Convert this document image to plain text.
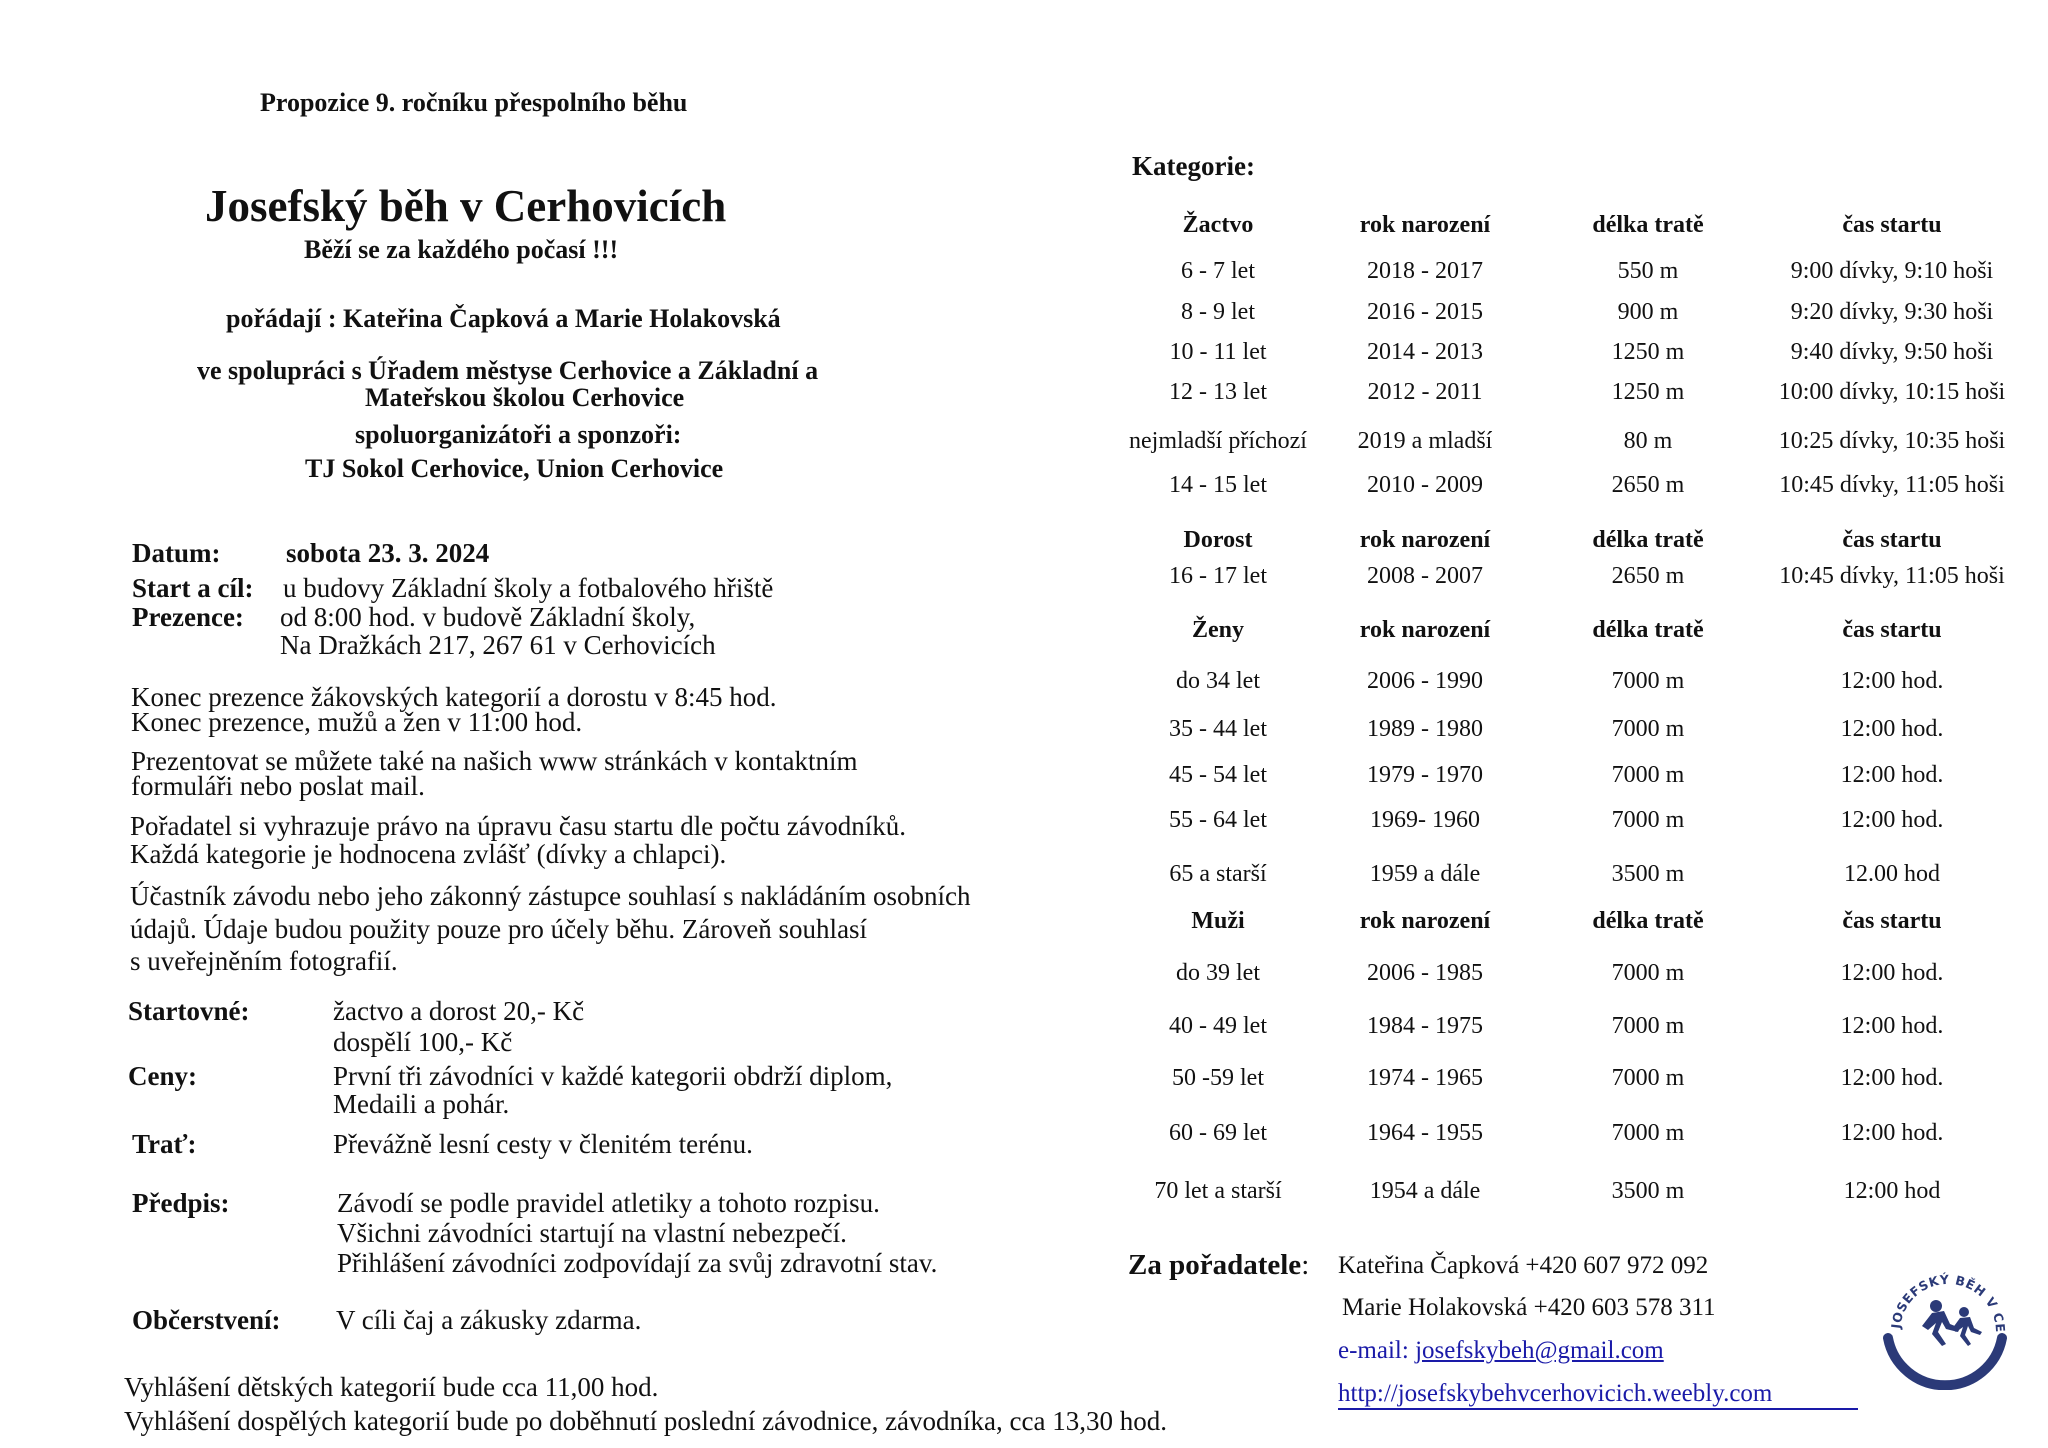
Propozice 9. ročníku přespolního běhu
Josefský běh v Cerhovicích
Běží se za každého počasí !!!
pořádají : Kateřina Čapková a Marie Holakovská
ve spolupráci s Úřadem městyse Cerhovice a Základní a
Mateřskou školou Cerhovice
spoluorganizátoři a sponzoři:
TJ Sokol Cerhovice, Union Cerhovice
Datum: sobota 23. 3. 2024
Start a cíl: u budovy Základní školy a fotbalového hřiště
Prezence: od 8:00 hod. v budově Základní školy,
Na Dražkách 217, 267 61 v Cerhovicích
Konec prezence žákovských kategorií a dorostu v 8:45 hod.
Konec prezence, mužů a žen v 11:00 hod.
Prezentovat se můžete také na našich www stránkách v kontaktním
formuláři nebo poslat mail.
Pořadatel si vyhrazuje právo na úpravu času startu dle počtu závodníků.
Každá kategorie je hodnocena zvlášť (dívky a chlapci).
Účastník závodu nebo jeho zákonný zástupce souhlasí s nakládáním osobních
údajů. Údaje budou použity pouze pro účely běhu. Zároveň souhlasí
s uveřejněním fotografií.
Startovné:	žactvo a dorost 20,- Kč
dospělí 100,- Kč
Ceny:	První tři závodníci v každé kategorii obdrží diplom,
Medaili a pohár.
Trať:	Převážně lesní cesty v členitém terénu.
Předpis:	Závodí se podle pravidel atletiky a tohoto rozpisu.
Všichni závodníci startují na vlastní nebezpečí.
Přihlášení závodníci zodpovídají za svůj zdravotní stav.
Občerstvení: V cíli čaj a zákusky zdarma.
Vyhlášení dětských kategorií bude cca 11,00 hod.
Vyhlášení dospělých kategorií bude po doběhnutí poslední závodnice, závodníka, cca 13,30 hod.
Kategorie:
Žactvo	rok narození	délka tratě	čas startu
6 - 7 let	2018 - 2017	550 m	9:00 dívky, 9:10 hoši
8 - 9 let	2016 - 2015	900 m	9:20 dívky, 9:30 hoši
10 - 11 let	2014 - 2013	1250 m	9:40 dívky, 9:50 hoši
12 - 13 let	2012 - 2011	1250 m	10:00 dívky, 10:15 hoši
nejmladší příchozí	2019 a mladší	80 m	10:25 dívky, 10:35 hoši
14 - 15 let	2010 - 2009	2650 m	10:45 dívky, 11:05 hoši
Dorost	rok narození	délka tratě	čas startu
16 - 17 let	2008 - 2007	2650 m	10:45 dívky, 11:05 hoši
Ženy	rok narození	délka tratě	čas startu
do 34 let	2006 - 1990	7000 m	12:00 hod.
35 - 44 let	1989 - 1980	7000 m	12:00 hod.
45 - 54 let	1979 - 1970	7000 m	12:00 hod.
55 - 64 let	1969- 1960	7000 m	12:00 hod.
65 a starší	1959 a dále	3500 m	12.00 hod
Muži	rok narození	délka tratě	čas startu
do 39 let	2006 - 1985	7000 m	12:00 hod.
40 - 49 let	1984 - 1975	7000 m	12:00 hod.
50 -59 let	1974 - 1965	7000 m	12:00 hod.
60 - 69 let	1964 - 1955	7000 m	12:00 hod.
70 let a starší	1954 a dále	3500 m	12:00 hod
Za pořadatele: Kateřina Čapková +420 607 972 092
Marie Holakovská +420 603 578 311
e-mail: josefskybeh@gmail.com
http://josefskybehvcerhovicich.weebly.com
JOSEFSKÝ BĚH V CE
